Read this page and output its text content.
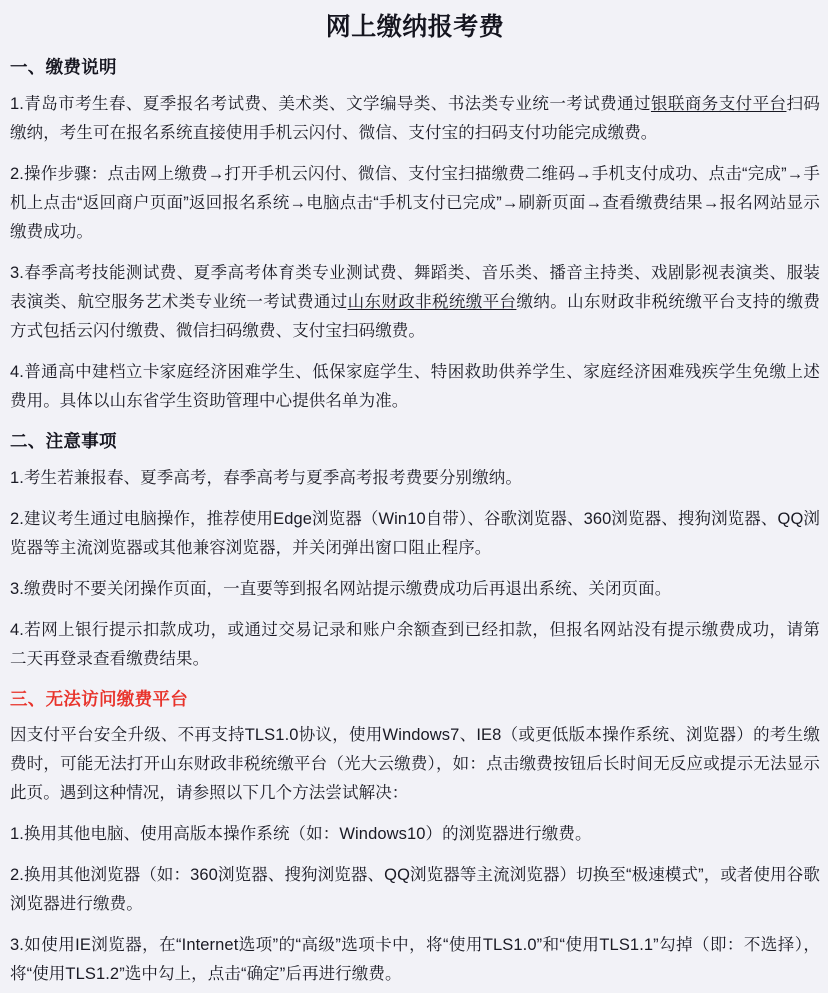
网上缴纳报考费
一、缴费说明

1.青岛市考生春、夏季报名考试费、美术类、文学编导类、书法类专业统一考试费通过银联商务支付平台扫码缴纳，考生可在报名系统直接使用手机云闪付、微信、支付宝的扫码支付功能完成缴费。

2.操作步骤：点击网上缴费→打开手机云闪付、微信、支付宝扫描缴费二维码→手机支付成功、点击“完成”→手机上点击“返回商户页面”返回报名系统→电脑点击“手机支付已完成”→刷新页面→查看缴费结果→报名网站显示缴费成功。

3.春季高考技能测试费、夏季高考体育类专业测试费、舞蹈类、音乐类、播音主持类、戏剧影视表演类、服装表演类、航空服务艺术类专业统一考试费通过山东财政非税统缴平台缴纳。山东财政非税统缴平台支持的缴费方式包括云闪付缴费、微信扫码缴费、支付宝扫码缴费。

4.普通高中建档立卡家庭经济困难学生、低保家庭学生、特困救助供养学生、家庭经济困难残疾学生免缴上述费用。具体以山东省学生资助管理中心提供名单为准。

二、注意事项

1.考生若兼报春、夏季高考，春季高考与夏季高考报考费要分别缴纳。

2.建议考生通过电脑操作，推荐使用Edge浏览器（Win10自带）、谷歌浏览器、360浏览器、搜狗浏览器、QQ浏览器等主流浏览器或其他兼容浏览器，并关闭弹出窗口阻止程序。

3.缴费时不要关闭操作页面，一直要等到报名网站提示缴费成功后再退出系统、关闭页面。

4.若网上银行提示扣款成功，或通过交易记录和账户余额查到已经扣款，但报名网站没有提示缴费成功，请第二天再登录查看缴费结果。

三、无法访问缴费平台

因支付平台安全升级、不再支持TLS1.0协议，使用Windows7、IE8（或更低版本操作系统、浏览器）的考生缴费时，可能无法打开山东财政非税统缴平台（光大云缴费），如：点击缴费按钮后长时间无反应或提示无法显示此页。遇到这种情况，请参照以下几个方法尝试解决：

1.换用其他电脑、使用高版本操作系统（如：Windows10）的浏览器进行缴费。

2.换用其他浏览器（如：360浏览器、搜狗浏览器、QQ浏览器等主流浏览器）切换至“极速模式”，或者使用谷歌浏览器进行缴费。

3.如使用IE浏览器，在“Internet选项”的“高级”选项卡中，将“使用TLS1.0”和“使用TLS1.1”勾掉（即：不选择），将“使用TLS1.2”选中勾上，点击“确定”后再进行缴费。
